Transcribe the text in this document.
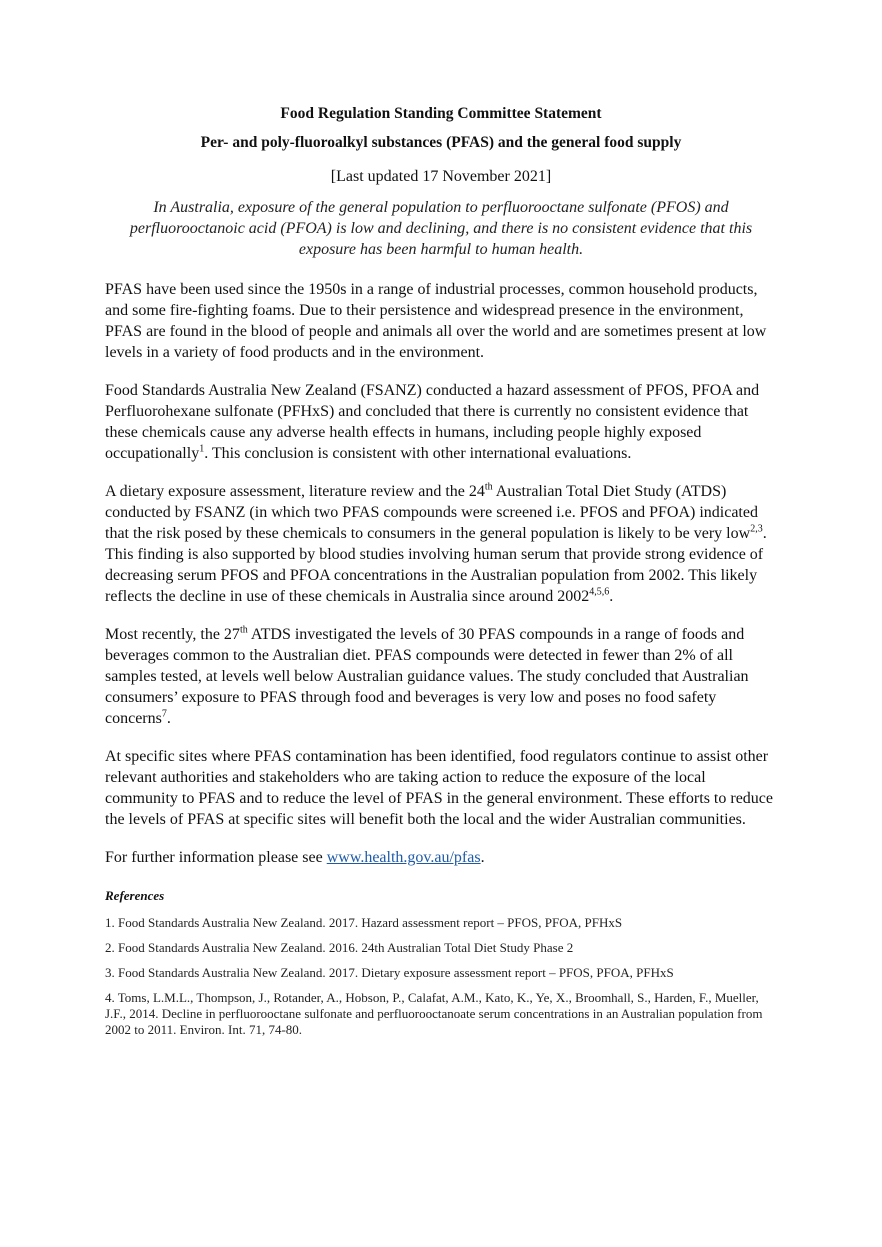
Food Regulation Standing Committee Statement

Per- and poly-fluoroalkyl substances (PFAS) and the general food supply

[Last updated 17 November 2021]

In Australia, exposure of the general population to perfluorooctane sulfonate (PFOS) and perfluorooctanoic acid (PFOA) is low and declining, and there is no consistent evidence that this exposure has been harmful to human health.

PFAS have been used since the 1950s in a range of industrial processes, common household products, and some fire-fighting foams. Due to their persistence and widespread presence in the environment, PFAS are found in the blood of people and animals all over the world and are sometimes present at low levels in a variety of food products and in the environment.

Food Standards Australia New Zealand (FSANZ) conducted a hazard assessment of PFOS, PFOA and Perfluorohexane sulfonate (PFHxS) and concluded that there is currently no consistent evidence that these chemicals cause any adverse health effects in humans, including people highly exposed occupationally$^1$. This conclusion is consistent with other international evaluations.

A dietary exposure assessment, literature review and the 24th Australian Total Diet Study (ATDS) conducted by FSANZ (in which two PFAS compounds were screened i.e. PFOS and PFOA) indicated that the risk posed by these chemicals to consumers in the general population is likely to be very low$^{2,3}$. This finding is also supported by blood studies involving human serum that provide strong evidence of decreasing serum PFOS and PFOA concentrations in the Australian population from 2002. This likely reflects the decline in use of these chemicals in Australia since around 2002$^{4,5,6}$.

Most recently, the 27th ATDS investigated the levels of 30 PFAS compounds in a range of foods and beverages common to the Australian diet. PFAS compounds were detected in fewer than 2% of all samples tested, at levels well below Australian guidance values. The study concluded that Australian consumers’ exposure to PFAS through food and beverages is very low and poses no food safety concerns$^7$.

At specific sites where PFAS contamination has been identified, food regulators continue to assist other relevant authorities and stakeholders who are taking action to reduce the exposure of the local community to PFAS and to reduce the level of PFAS in the general environment. These efforts to reduce the levels of PFAS at specific sites will benefit both the local and the wider Australian communities.

For further information please see www.health.gov.au/pfas.

References

1. Food Standards Australia New Zealand. 2017. Hazard assessment report – PFOS, PFOA, PFHxS

2. Food Standards Australia New Zealand. 2016. 24th Australian Total Diet Study Phase 2

3. Food Standards Australia New Zealand. 2017. Dietary exposure assessment report – PFOS, PFOA, PFHxS

4. Toms, L.M.L., Thompson, J., Rotander, A., Hobson, P., Calafat, A.M., Kato, K., Ye, X., Broomhall, S., Harden, F., Mueller, J.F., 2014. Decline in perfluorooctane sulfonate and perfluorooctanoate serum concentrations in an Australian population from 2002 to 2011. Environ. Int. 71, 74-80.
